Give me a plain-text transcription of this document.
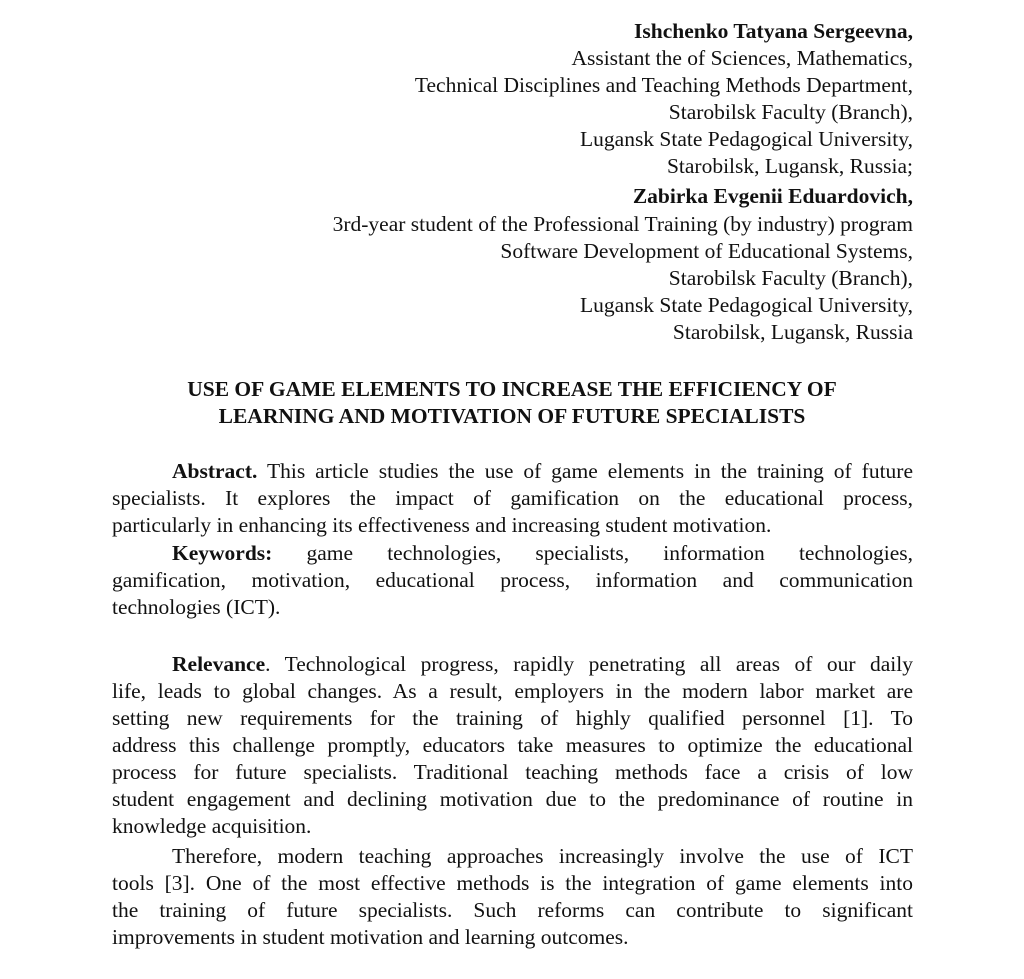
Ishchenko Tatyana Sergeevna,
Assistant the of Sciences, Mathematics,
Technical Disciplines and Teaching Methods Department,
Starobilsk Faculty (Branch),
Lugansk State Pedagogical University,
Starobilsk, Lugansk, Russia;
Zabirka Evgenii Eduardovich,
3rd-year student of the Professional Training (by industry) program
Software Development of Educational Systems,
Starobilsk Faculty (Branch),
Lugansk State Pedagogical University,
Starobilsk, Lugansk, Russia
USE OF GAME ELEMENTS TO INCREASE THE EFFICIENCY OF
LEARNING AND MOTIVATION OF FUTURE SPECIALISTS
Abstract. This article studies the use of game elements in the training of future
specialists. It explores the impact of gamification on the educational process,
particularly in enhancing its effectiveness and increasing student motivation.
Keywords: game technologies, specialists, information technologies,
gamification, motivation, educational process, information and communication
technologies (ICT).
Relevance. Technological progress, rapidly penetrating all areas of our daily
life, leads to global changes. As a result, employers in the modern labor market are
setting new requirements for the training of highly qualified personnel [1]. To
address this challenge promptly, educators take measures to optimize the educational
process for future specialists. Traditional teaching methods face a crisis of low
student engagement and declining motivation due to the predominance of routine in
knowledge acquisition.
Therefore, modern teaching approaches increasingly involve the use of ICT
tools [3]. One of the most effective methods is the integration of game elements into
the training of future specialists. Such reforms can contribute to significant
improvements in student motivation and learning outcomes.
